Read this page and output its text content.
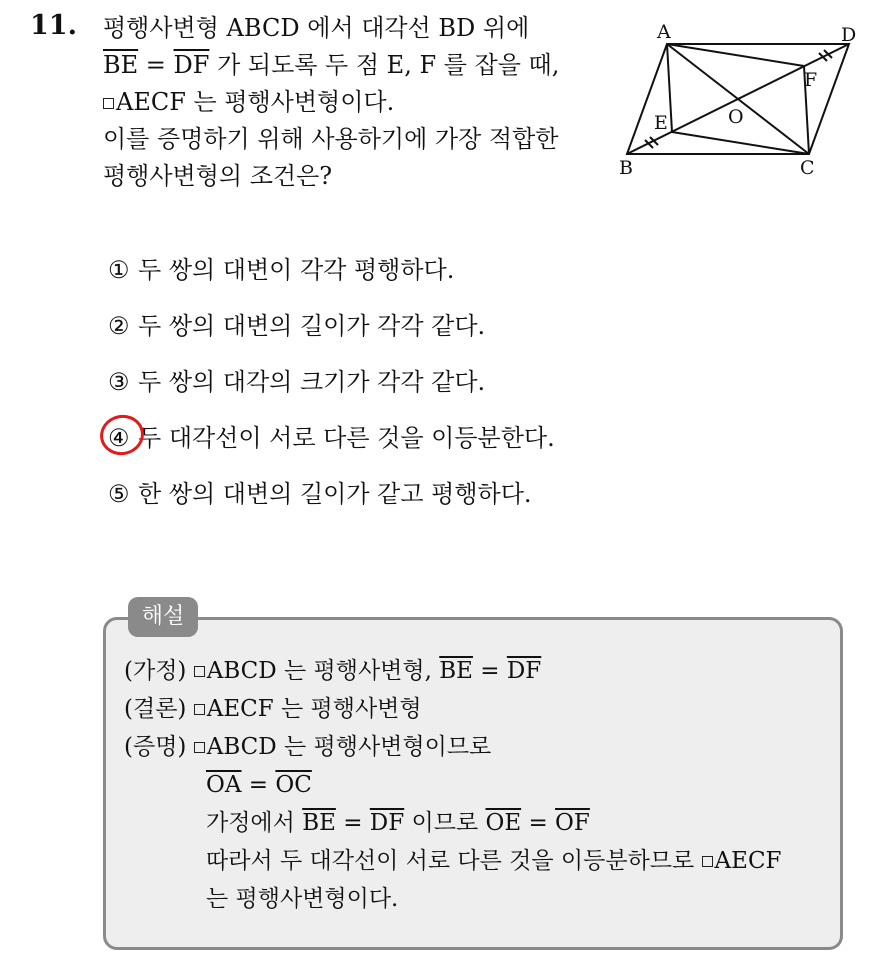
11. 평행사변형 ABCD 에서 대각선 BD 위에
$\overline{BE} = \overline{DF}$ 가 되도록 두 점 E, F 를 잡을 때,
AECF 는 평행사변형이다.
이를 증명하기 위해 사용하기에 가장 적합한
평행사변형의 조건은?
A	D
F
O
E
B	C
① 두 쌍의 대변이 각각 평행하다.
② 두 쌍의 대변의 길이가 각각 같다.
③ 두 쌍의 대각의 크기가 각각 같다.
④ 두 대각선이 서로 다른 것을 이등분한다.
⑤ 한 쌍의 대변의 길이가 같고 평행하다.
해설
(가정) ABCD 는 평행사변형, $\overline{BE} = \overline{DF}$
(결론) AECF 는 평행사변형
(증명) ABCD 는 평행사변형이므로
$\overline{OA} = \overline{OC}$
가정에서 $\overline{BE} = \overline{DF}$ 이므로 $\overline{OE} = \overline{OF}$
따라서 두 대각선이 서로 다른 것을 이등분하므로 AECF
는 평행사변형이다.
